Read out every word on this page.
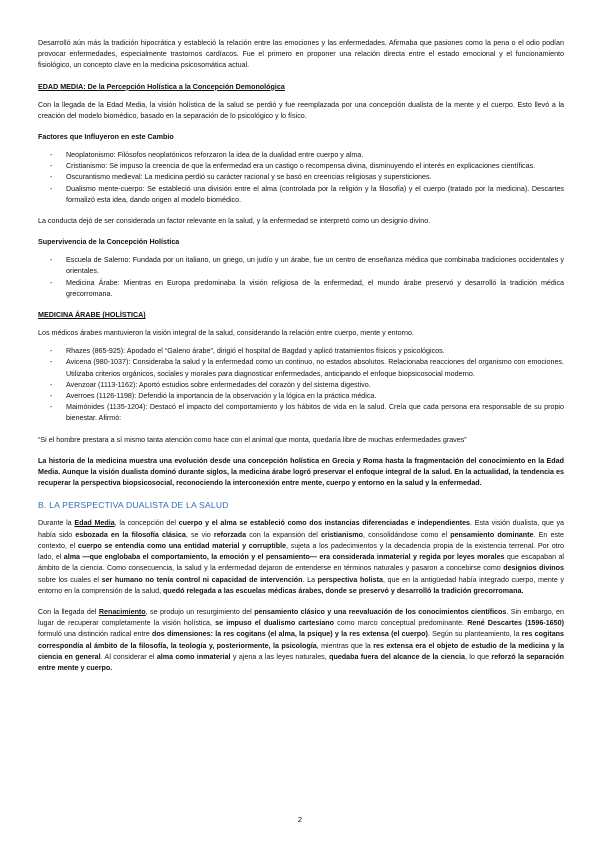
Desarrolló aún más la tradición hipocrática y estableció la relación entre las emociones y las enfermedades. Afirmaba que pasiones como la pena o el odio podían provocar enfermedades, especialmente trastornos cardíacos. Fue el primero en proponer una relación directa entre el estado emocional y el funcionamiento fisiológico, un concepto clave en la medicina psicosomática actual.

EDAD MEDIA: De la Percepción Holística a la Concepción Demonológica

Con la llegada de la Edad Media, la visión holística de la salud se perdió y fue reemplazada por una concepción dualista de la mente y el cuerpo. Esto llevó a la creación del modelo biomédico, basado en la separación de lo psicológico y lo físico.

Factores que Influyeron en este Cambio
- Neoplatonismo: Filósofos neoplatónicos reforzaron la idea de la dualidad entre cuerpo y alma.
- Cristianismo: Se impuso la creencia de que la enfermedad era un castigo o recompensa divina, disminuyendo el interés en explicaciones científicas.
- Oscurantismo medieval: La medicina perdió su carácter racional y se basó en creencias religiosas y supersticiones.
- Dualismo mente-cuerpo: Se estableció una división entre el alma (controlada por la religión y la filosofía) y el cuerpo (tratado por la medicina). Descartes formalizó esta idea, dando origen al modelo biomédico.

La conducta dejó de ser considerada un factor relevante en la salud, y la enfermedad se interpretó como un designio divino.

Supervivencia de la Concepción Holística
- Escuela de Salerno: Fundada por un italiano, un griego, un judío y un árabe, fue un centro de enseñanza médica que combinaba tradiciones occidentales y orientales.
- Medicina Árabe: Mientras en Europa predominaba la visión religiosa de la enfermedad, el mundo árabe preservó y desarrolló la tradición médica grecorromana.
MEDICINA ÁRABE (HOLÍSTICA)

Los médicos árabes mantuvieron la visión integral de la salud, considerando la relación entre cuerpo, mente y entorno.

- Rhazes (865-925): Apodado el “Galeno árabe”, dirigió el hospital de Bagdad y aplicó tratamientos físicos y psicológicos.
- Avicena (980-1037): Consideraba la salud y la enfermedad como un continuo, no estados absolutos. Relacionaba reacciones del organismo con emociones. Utilizaba criterios orgánicos, sociales y morales para diagnosticar enfermedades, anticipando el enfoque biopsicosocial moderno.
- Avenzoar (1113-1162): Aportó estudios sobre enfermedades del corazón y del sistema digestivo.
- Averroes (1126-1198): Defendió la importancia de la observación y la lógica en la práctica médica.
- Maimónides (1135-1204): Destacó el impacto del comportamiento y los hábitos de vida en la salud. Creía que cada persona era responsable de su propio bienestar. Afirmó:

“Si el hombre prestara a sí mismo tanta atención como hace con el animal que monta, quedaría libre de muchas enfermedades graves”

La historia de la medicina muestra una evolución desde una concepción holística en Grecia y Roma hasta la fragmentación del conocimiento en la Edad Media. Aunque la visión dualista dominó durante siglos, la medicina árabe logró preservar el enfoque integral de la salud. En la actualidad, la tendencia es recuperar la perspectiva biopsicosocial, reconociendo la interconexión entre mente, cuerpo y entorno en la salud y la enfermedad.

B. LA PERSPECTIVA DUALISTA DE LA SALUD

Durante la Edad Media, la concepción del cuerpo y el alma se estableció como dos instancias diferenciadas e independientes. Esta visión dualista, que ya había sido esbozada en la filosofía clásica, se vio reforzada con la expansión del cristianismo, consolidándose como el pensamiento dominante. En este contexto, el cuerpo se entendía como una entidad material y corruptible, sujeta a los padecimientos y la decadencia propia de la existencia terrenal. Por otro lado, el alma —que englobaba el comportamiento, la emoción y el pensamiento— era considerada inmaterial y regida por leyes morales que escapaban al ámbito de la ciencia. Como consecuencia, la salud y la enfermedad dejaron de entenderse en términos naturales y pasaron a concebirse como designios divinos sobre los cuales el ser humano no tenía control ni capacidad de intervención. La perspectiva holista, que en la antigüedad había integrado cuerpo, mente y entorno en la comprensión de la salud, quedó relegada a las escuelas médicas árabes, donde se preservó y desarrolló la tradición grecorromana.

Con la llegada del Renacimiento, se produjo un resurgimiento del pensamiento clásico y una reevaluación de los conocimientos científicos. Sin embargo, en lugar de recuperar completamente la visión holística, se impuso el dualismo cartesiano como marco conceptual predominante. René Descartes (1596-1650) formuló una distinción radical entre dos dimensiones: la res cogitans (el alma, la psique) y la res extensa (el cuerpo). Según su planteamiento, la res cogitans correspondía al ámbito de la filosofía, la teología y, posteriormente, la psicología, mientras que la res extensa era el objeto de estudio de la medicina y la ciencia en general. Al considerar el alma como inmaterial y ajena a las leyes naturales, quedaba fuera del alcance de la ciencia, lo que reforzó la separación entre mente y cuerpo.

2
